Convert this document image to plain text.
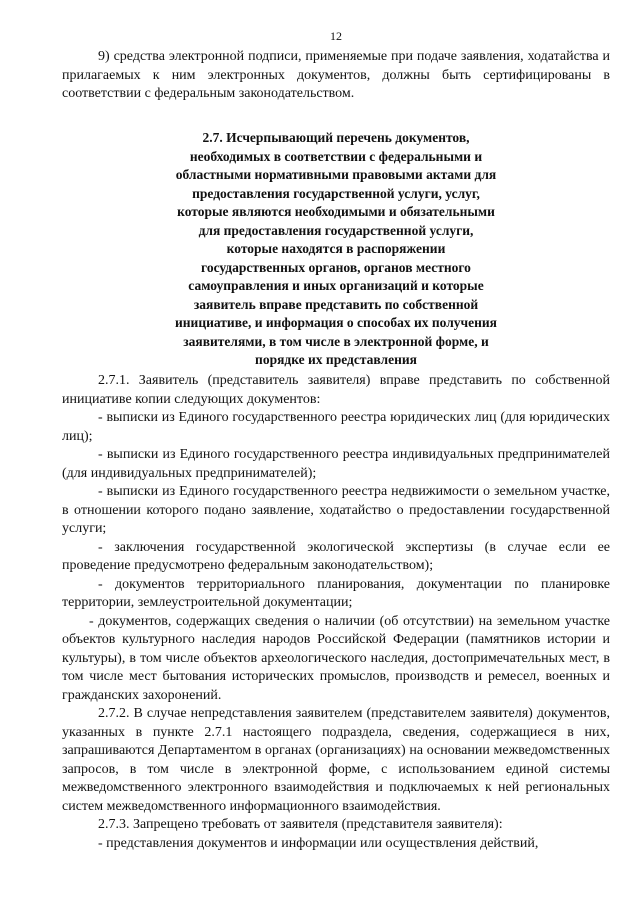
12

9) средства электронной подписи, применяемые при подаче заявления, ходатайства и прилагаемых к ним электронных документов, должны быть сертифицированы в соответствии с федеральным законодательством.

2.7. Исчерпывающий перечень документов,
необходимых в соответствии с федеральными и
областными нормативными правовыми актами для
предоставления государственной услуги, услуг,
которые являются необходимыми и обязательными
для предоставления государственной услуги,
которые находятся в распоряжении
государственных органов, органов местного
самоуправления и иных организаций и которые
заявитель вправе представить по собственной
инициативе, и информация о способах их получения
заявителями, в том числе в электронной форме, и
порядке их представления

2.7.1. Заявитель (представитель заявителя) вправе представить по собственной инициативе копии следующих документов:

- выписки из Единого государственного реестра юридических лиц (для юридических лиц);

- выписки из Единого государственного реестра индивидуальных предпринимателей (для индивидуальных предпринимателей);

- выписки из Единого государственного реестра недвижимости о земельном участке, в отношении которого подано заявление, ходатайство о предоставлении государственной услуги;

- заключения государственной экологической экспертизы (в случае если ее проведение предусмотрено федеральным законодательством);

- документов территориального планирования, документации по планировке территории, землеустроительной документации;

- документов, содержащих сведения о наличии (об отсутствии) на земельном участке объектов культурного наследия народов Российской Федерации (памятников истории и культуры), в том числе объектов археологического наследия, достопримечательных мест, в том числе мест бытования исторических промыслов, производств и ремесел, военных и гражданских захоронений.

2.7.2. В случае непредставления заявителем (представителем заявителя) документов, указанных в пункте 2.7.1 настоящего подраздела, сведения, содержащиеся в них, запрашиваются Департаментом в органах (организациях) на основании межведомственных запросов, в том числе в электронной форме, с использованием единой системы межведомственного электронного взаимодействия и подключаемых к ней региональных систем межведомственного информационного взаимодействия.

2.7.3. Запрещено требовать от заявителя (представителя заявителя):

- представления документов и информации или осуществления действий,
